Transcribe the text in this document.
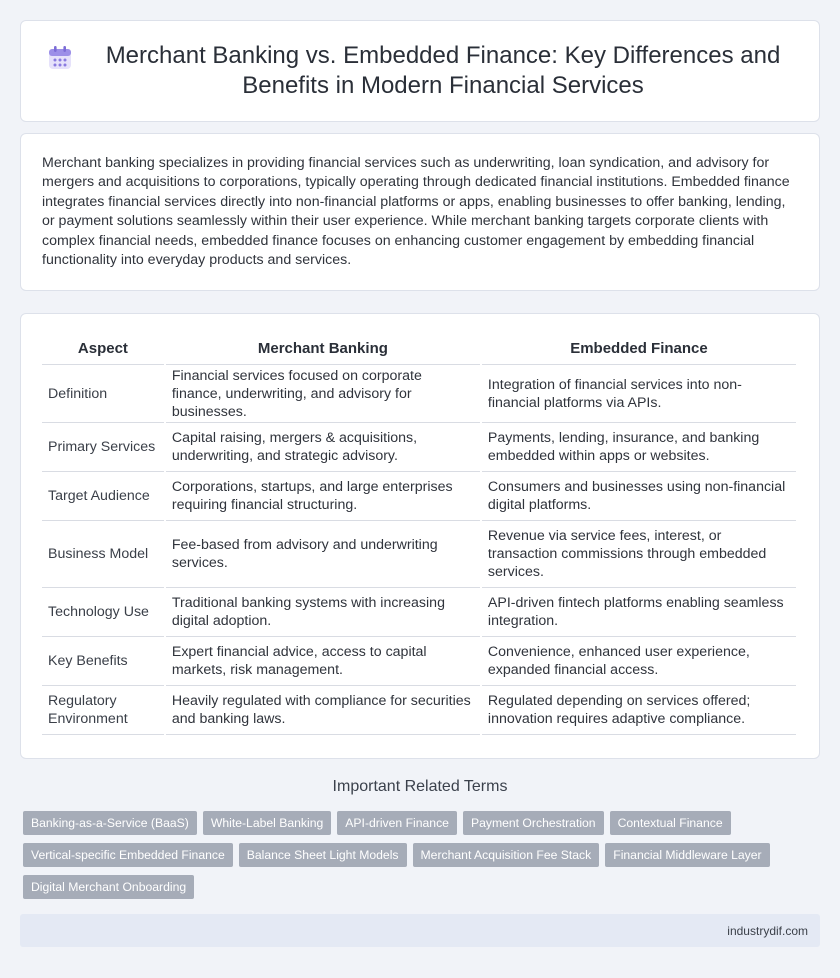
Merchant Banking vs. Embedded Finance: Key Differences and Benefits in Modern Financial Services

Merchant banking specializes in providing financial services such as underwriting, loan syndication, and advisory for mergers and acquisitions to corporations, typically operating through dedicated financial institutions. Embedded finance integrates financial services directly into non-financial platforms or apps, enabling businesses to offer banking, lending, or payment solutions seamlessly within their user experience. While merchant banking targets corporate clients with complex financial needs, embedded finance focuses on enhancing customer engagement by embedding financial functionality into everyday products and services.

Aspect	Merchant Banking	Embedded Finance
Definition	Financial services focused on corporate finance, underwriting, and advisory for businesses.	Integration of financial services into non-financial platforms via APIs.
Primary Services	Capital raising, mergers & acquisitions, underwriting, and strategic advisory.	Payments, lending, insurance, and banking embedded within apps or websites.
Target Audience	Corporations, startups, and large enterprises requiring financial structuring.	Consumers and businesses using non-financial digital platforms.
Business Model	Fee-based from advisory and underwriting services.	Revenue via service fees, interest, or transaction commissions through embedded services.
Technology Use	Traditional banking systems with increasing digital adoption.	API-driven fintech platforms enabling seamless integration.
Key Benefits	Expert financial advice, access to capital markets, risk management.	Convenience, enhanced user experience, expanded financial access.
Regulatory Environment	Heavily regulated with compliance for securities and banking laws.	Regulated depending on services offered; innovation requires adaptive compliance.
Important Related Terms
Banking-as-a-Service (BaaS)	White-Label Banking	API-driven Finance	Payment Orchestration	Contextual Finance
Vertical-specific Embedded Finance	Balance Sheet Light Models	Merchant Acquisition Fee Stack	Financial Middleware Layer
Digital Merchant Onboarding
industrydif.com
